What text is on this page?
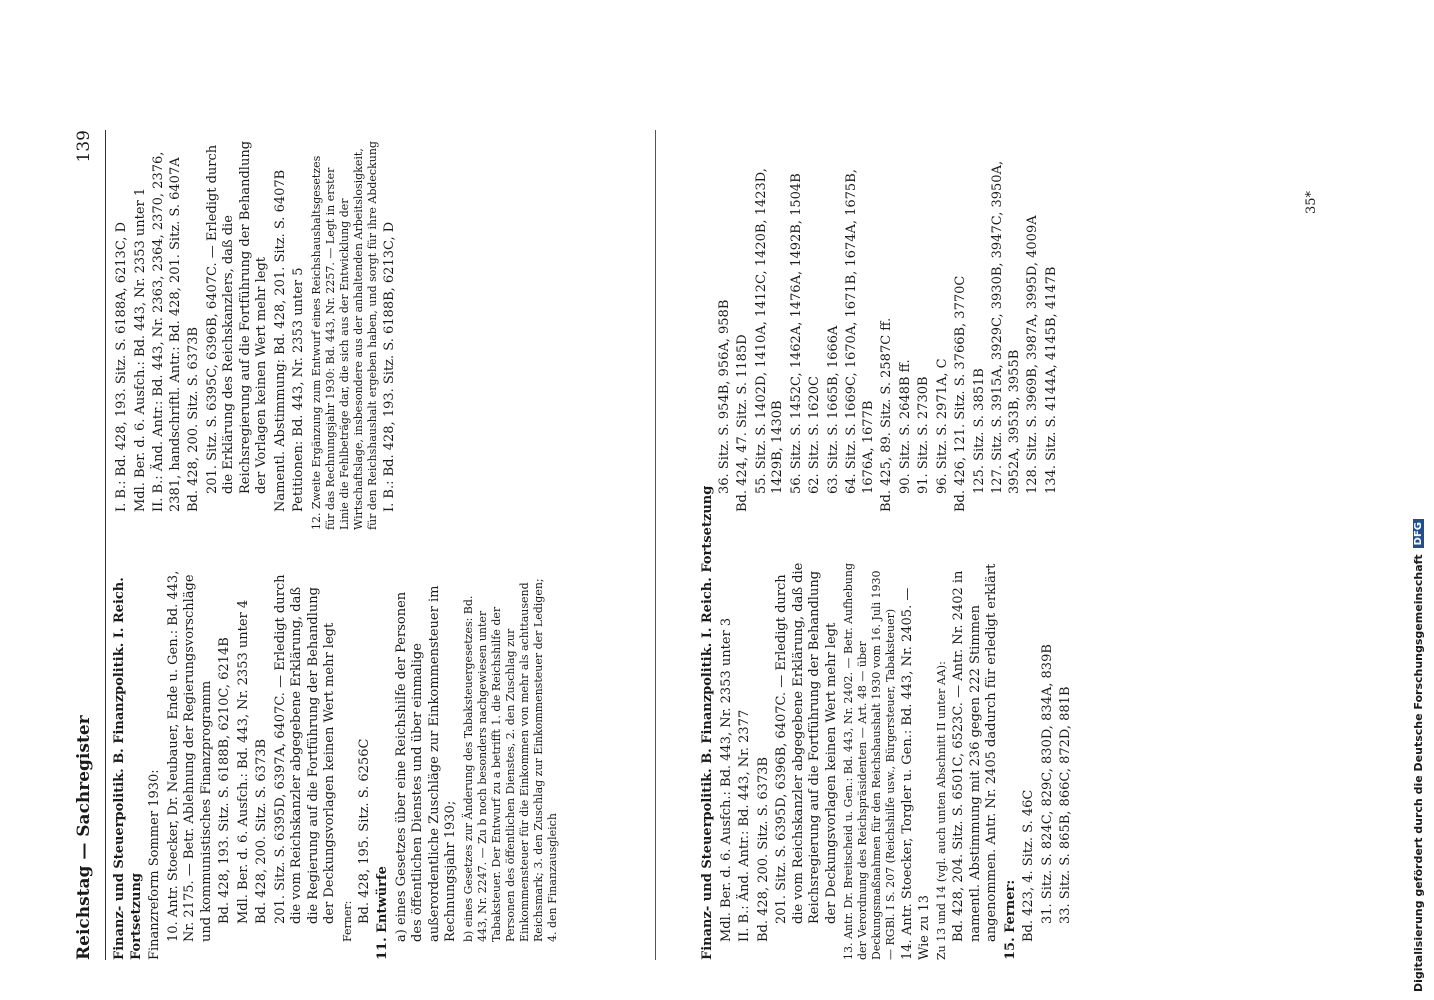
Reichstag — Sachregister
139
Finanz- und Steuerpolitik. B. Finanzpolitik. I. Reich. Fortsetzung Finanzreform Sommer 1930: 10. Antr. Stoecker, Dr. Neubauer, Ende u. Gen.: Bd. 443, Nr. 2175. — Betr. Ablehnung der Regierungsvorschläge und kommunistisches Finanzprogramm Bd. 428, 193. Sitz. S. 6188B, 6210C, 6214B Mdl. Ber. d. 6. Ausfch.: Bd. 443, Nr. 2353 unter 4 Bd. 428, 200. Sitz. S. 6373B 201. Sitz. S. 6395D, 6397A, 6407C. — Erledigt durch die vom Reichskanzler abgegebene Erklärung, daß die Regierung auf die Fortführung der Behandlung der Deckungsvorlagen keinen Wert mehr legt Ferner: Bd. 428, 195. Sitz. S. 6256C 11. Entwürfe a) eines Gesetzes über eine Reichshilfe der Personen des öffentlichen Dienstes und über einmalige außerordentliche Zuschläge zur Einkommensteuer im Rechnungsjahr 1930; b) eines Gesetzes zur Änderung des Tabaksteuergesetzes: Bd. 443, Nr. 2247. — Zu b noch besonders nachgewiesen unter Tabaksteuer. Der Entwurf zu a betrifft 1. die Reichshilfe der Personen des öffentlichen Dienstes, 2. den Zuschlag zur Einkommensteuer für die Einkommen von mehr als achttausend Reichsmark; 3. den Zuschlag zur Einkommensteuer der Ledigen; 4. den Finanzausgleich
I. B.: Bd. 428, 193. Sitz. S. 6188A, 6213C, D Mdl. Ber. d. 6. Ausfch.: Bd. 443, Nr. 2353 unter 1 II. B.: Änd. Antr.: Bd. 443, Nr. 2363, 2364, 2370, 2376, 2381, handschriftl. Antr.: Bd. 428, 201. Sitz. S. 6407A Bd. 428, 200. Sitz. S. 6373B 201. Sitz. S. 6395C, 6396B, 6407C. — Erledigt durch die Erklärung des Reichskanzlers, daß die Reichsregierung auf die Fortführung der Behandlung der Vorlagen keinen Wert mehr legt Namentl. Abstimmung: Bd. 428, 201. Sitz. S. 6407B Petitionen: Bd. 443, Nr. 2353 unter 5 12. Zweite Ergänzung zum Entwurf eines Reichshaushaltsgesetzes für das Rechnungsjahr 1930: Bd. 443, Nr. 2257. — Legt in erster Linie die Fehlbeträge dar, die sich aus der Entwicklung der Wirtschaftslage, insbesondere aus der anhaltenden Arbeitslosigkeit, für den Reichshaushalt ergeben haben, und sorgt für ihre Abdeckung I. B.: Bd. 428, 193. Sitz. S. 6188B, 6213C, D
Finanz- und Steuerpolitik. B. Finanzpolitik. I. Reich. Fortsetzung Mdl. Ber. d. 6. Ausfch.: Bd. 443, Nr. 2353 unter 3 II. B.: Änd. Antr.: Bd. 443, Nr. 2377 Bd. 428, 200. Sitz. S. 6373B 201. Sitz. S. 6395D, 6396B, 6407C. — Erledigt durch die vom Reichskanzler abgegebene Erklärung, daß die Reichsregierung auf die Fortführung der Behandlung der Deckungsvorlagen keinen Wert mehr legt 13. Antr. Dr. Breitscheid u. Gen.: Bd. 443, Nr. 2402. — Betr. Aufhebung der Verordnung des Reichspräsidenten — Art. 48 — über Deckungsmaßnahmen für den Reichshaushalt 1930 vom 16. Juli 1930 — RGBl. I S. 207 (Reichshilfe usw., Bürgersteuer, Tabaksteuer) 14. Antr. Stoecker, Torgler u. Gen.: Bd. 443, Nr. 2405. — Wie zu 13 Zu 13 und 14 (vgl. auch unten Abschnitt II unter AA): Bd. 428, 204. Sitz. S. 6501C, 6523C. — Antr. Nr. 2402 in namentl. Abstimmung mit 236 gegen 222 Stimmen angenommen. Antr. Nr. 2405 dadurch für erledigt erklärt 15. Ferner: Bd. 423, 4. Sitz. S. 46C 31. Sitz. S. 824C, 829C, 830D, 834A, 839B 33. Sitz. S. 865B, 866C, 872D, 881B
36. Sitz. S. 954B, 956A, 958B Bd. 424, 47. Sitz. S. 1185D 55. Sitz. S. 1402D, 1410A, 1412C, 1420B, 1423D, 1429B, 1430B 56. Sitz. S. 1452C, 1462A, 1476A, 1492B, 1504B 62. Sitz. S. 1620C 63. Sitz. S. 1665B, 1666A 64. Sitz. S. 1669C, 1670A, 1671B, 1674A, 1675B, 1676A, 1677B Bd. 425, 89. Sitz. S. 2587C ff. 90. Sitz. S. 2648B ff. 91. Sitz. S. 2730B 96. Sitz. S. 2971A, C Bd. 426, 121. Sitz. S. 3766B, 3770C 125. Sitz. S. 3851B 127. Sitz. S. 3915A, 3929C, 3930B, 3947C, 3950A, 3952A, 3953B, 3955B 128. Sitz. S. 3969B, 3987A, 3995D, 4009A 134. Sitz. S. 4144A, 4145B, 4147B
35*
Digitalisierung gefördert durch die Deutsche Forschungsgemeinschaft
DFG
